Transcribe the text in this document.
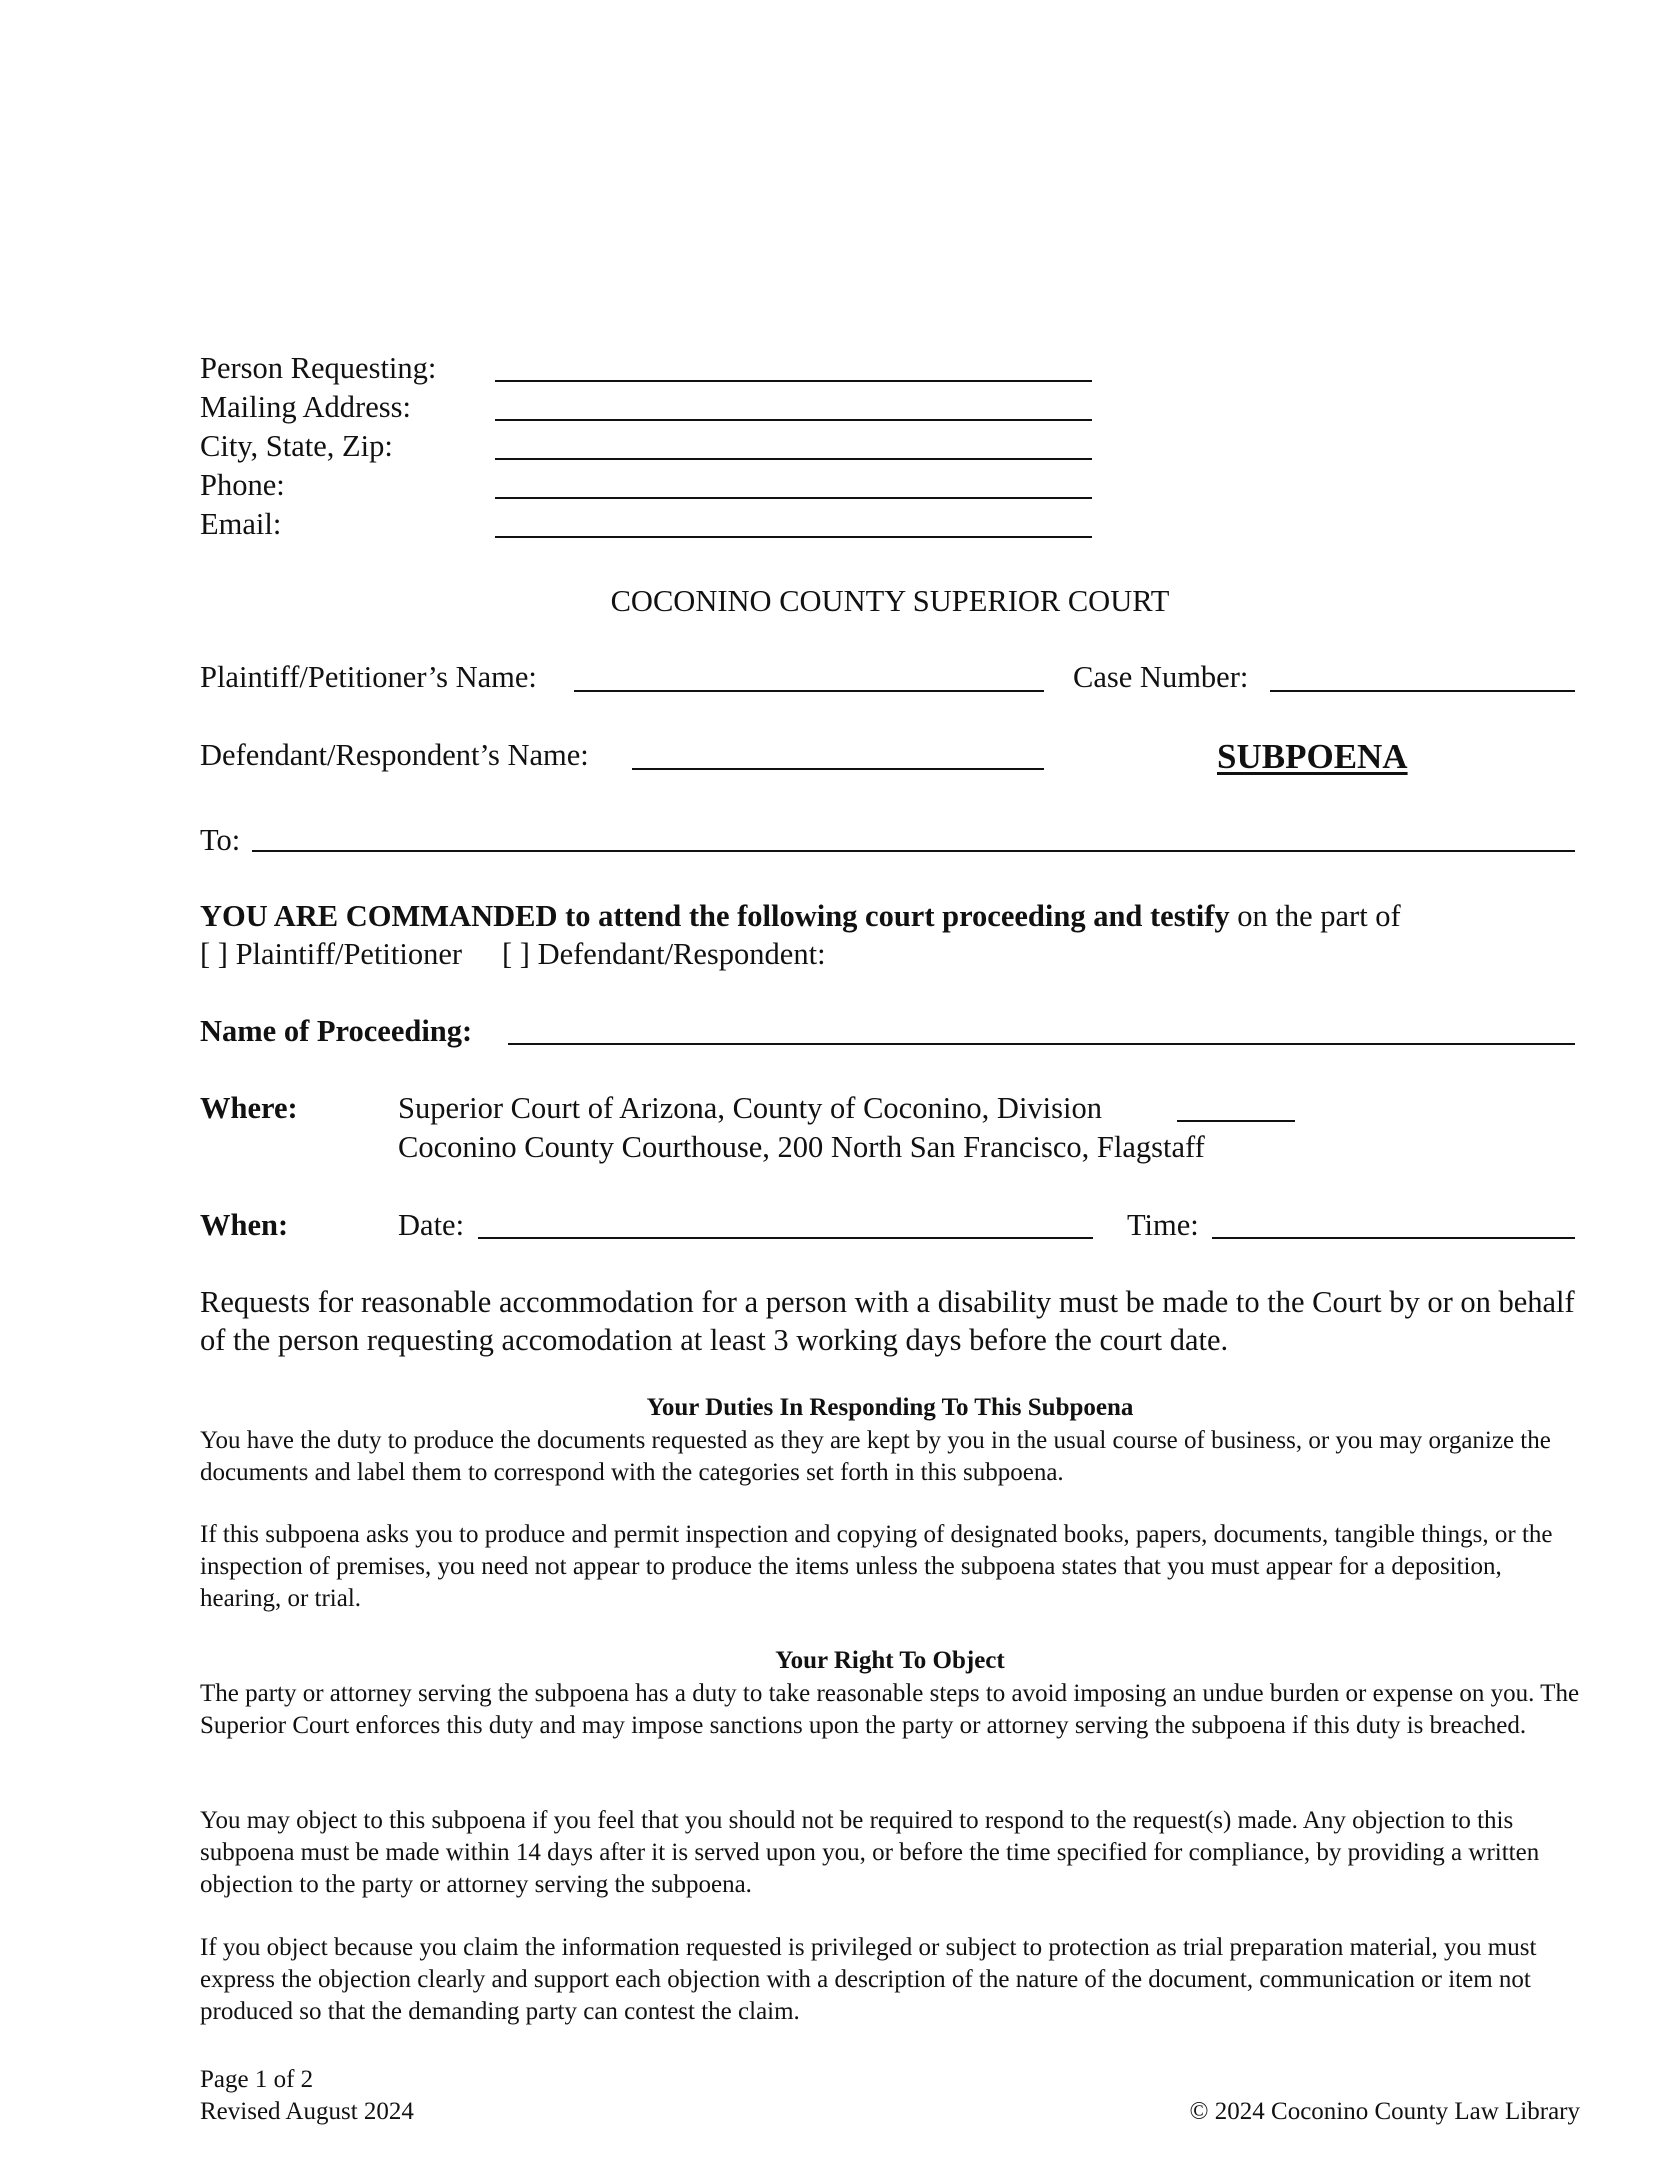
Person Requesting:
Mailing Address:
City, State, Zip:
Phone:
Email:
COCONINO COUNTY SUPERIOR COURT
Plaintiff/Petitioner’s Name:	Case Number:
Defendant/Respondent’s Name:	SUBPOENA
To:
YOU ARE COMMANDED to attend the following court proceeding and testify on the part of
[ ] Plaintiff/Petitioner [ ] Defendant/Respondent:
Name of Proceeding:
Where:	Superior Court of Arizona, County of Coconino, Division
Coconino County Courthouse, 200 North San Francisco, Flagstaff
When:	Date:	Time:
Requests for reasonable accommodation for a person with a disability must be made to the Court by or on behalf of the person requesting accomodation at least 3 working days before the court date.
Your Duties In Responding To This Subpoena
You have the duty to produce the documents requested as they are kept by you in the usual course of business, or you may organize the documents and label them to correspond with the categories set forth in this subpoena.
If this subpoena asks you to produce and permit inspection and copying of designated books, papers, documents, tangible things, or the inspection of premises, you need not appear to produce the items unless the subpoena states that you must appear for a deposition, hearing, or trial.
Your Right To Object
The party or attorney serving the subpoena has a duty to take reasonable steps to avoid imposing an undue burden or expense on you. The Superior Court enforces this duty and may impose sanctions upon the party or attorney serving the subpoena if this duty is breached.
You may object to this subpoena if you feel that you should not be required to respond to the request(s) made. Any objection to this subpoena must be made within 14 days after it is served upon you, or before the time specified for compliance, by providing a written objection to the party or attorney serving the subpoena.
If you object because you claim the information requested is privileged or subject to protection as trial preparation material, you must express the objection clearly and support each objection with a description of the nature of the document, communication or item not produced so that the demanding party can contest the claim.
Page 1 of 2
Revised August 2024	© 2024 Coconino County Law Library
